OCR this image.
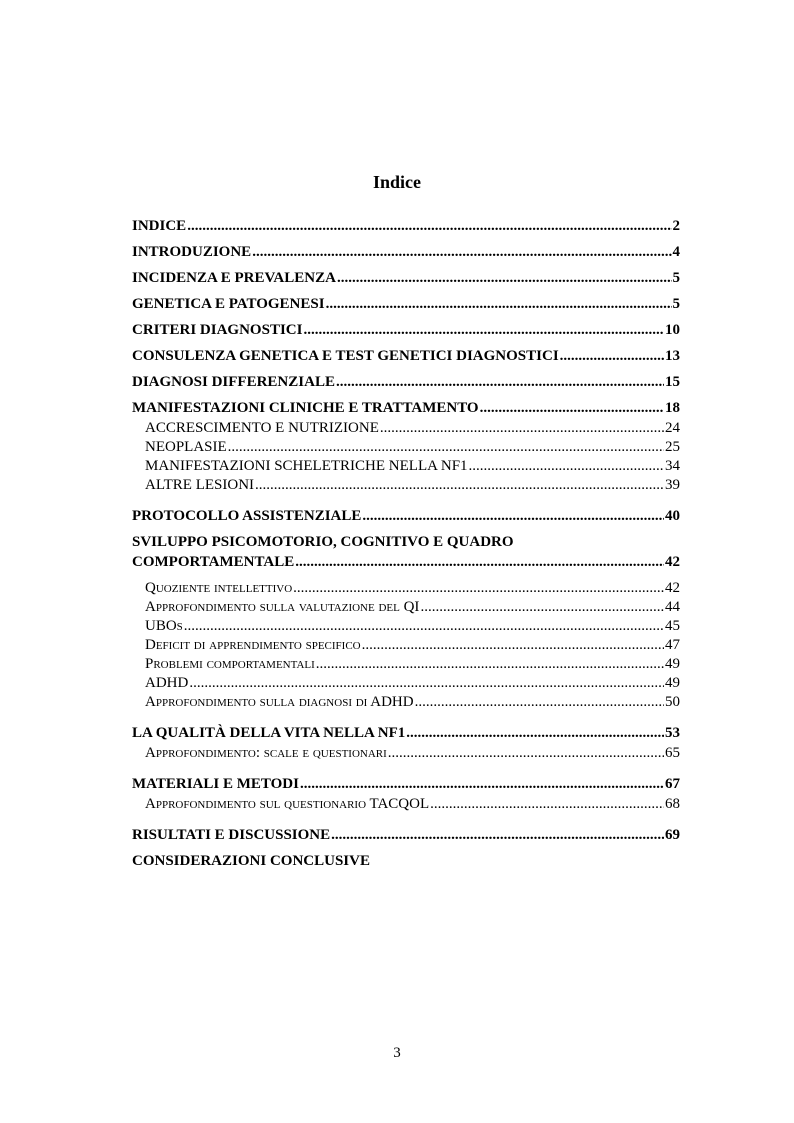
Indice
INDICE .....	2
INTRODUZIONE .....	4
INCIDENZA E PREVALENZA .....	5
GENETICA E PATOGENESI .....	5
CRITERI DIAGNOSTICI .....	10
CONSULENZA GENETICA E TEST GENETICI DIAGNOSTICI .....	13
DIAGNOSI DIFFERENZIALE .....	15
MANIFESTAZIONI CLINICHE E TRATTAMENTO .....	18
ACCRESCIMENTO E NUTRIZIONE .....	24
NEOPLASIE .....	25
MANIFESTAZIONI SCHELETRICHE NELLA NF1 .....	34
ALTRE LESIONI .....	39
PROTOCOLLO ASSISTENZIALE .....	40
SVILUPPO PSICOMOTORIO, COGNITIVO E QUADRO
COMPORTAMENTALE .....	42
Quoziente intellettivo .....	42
Approfondimento sulla valutazione del QI .....	44
UBOs .....	45
Deficit di apprendimento specifico .....	47
Problemi comportamentali .....	49
ADHD .....	49
Approfondimento sulla diagnosi di ADHD .....	50
LA QUALITÀ DELLA VITA NELLA NF1 .....	53
Approfondimento: scale e questionari .....	65
MATERIALI E METODI .....	67
Approfondimento sul questionario TACQOL .....	68
RISULTATI E DISCUSSIONE .....	69
CONSIDERAZIONI CONCLUSIVE
3
